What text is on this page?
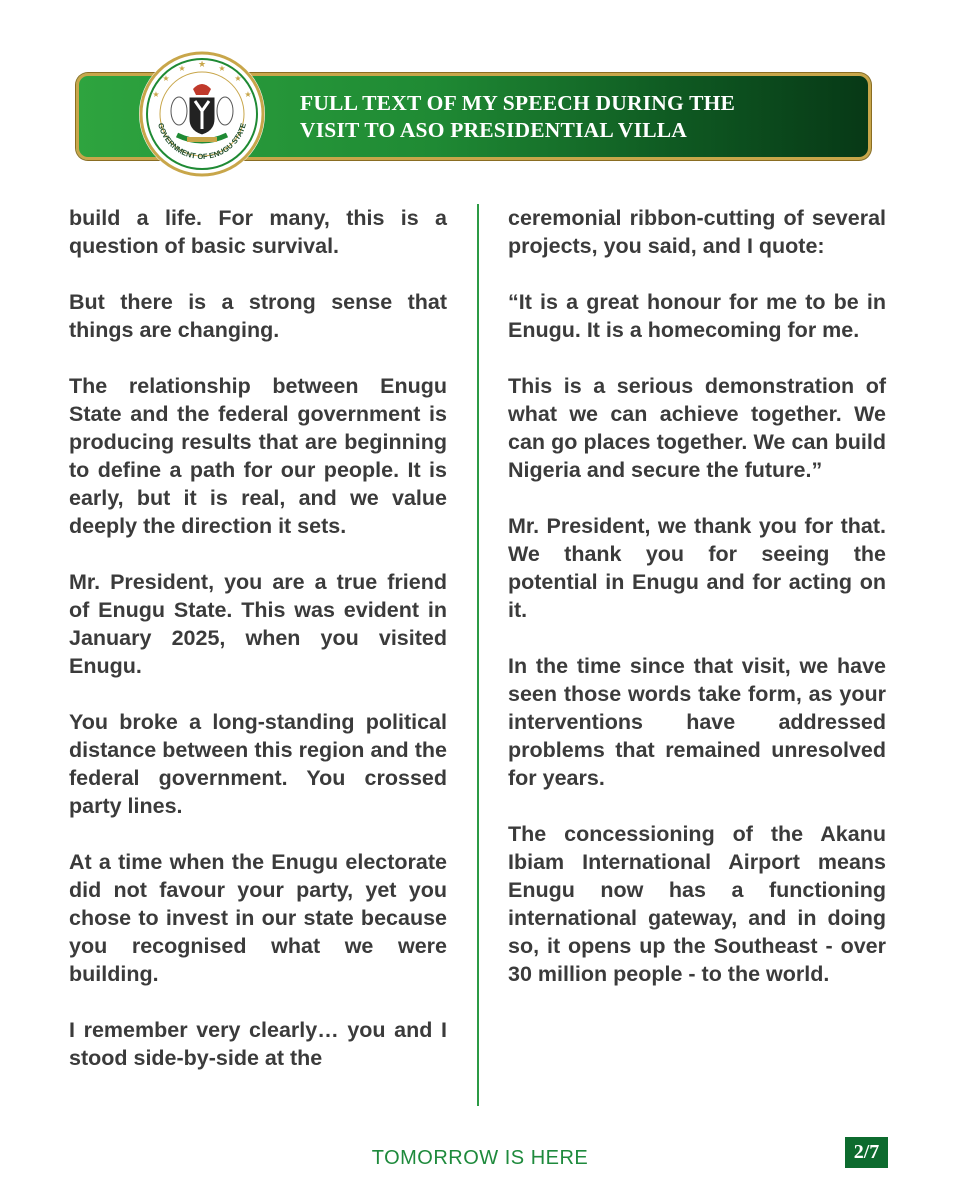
FULL TEXT OF MY SPEECH DURING THE
VISIT TO ASO PRESIDENTIAL VILLA
★
★	★
★	★
★	★
GOVERNMENT OF ENUGU STATE

build a life. For many, this is a question of basic survival.

But there is a strong sense that things are changing.

The relationship between Enugu State and the federal government is producing results that are beginning to define a path for our people. It is early, but it is real, and we value deeply the direction it sets.

Mr. President, you are a true friend of Enugu State. This was evident in January 2025, when you visited Enugu.

You broke a long-standing political distance between this region and the federal government. You crossed party lines.

At a time when the Enugu electorate did not favour your party, yet you chose to invest in our state because you recognised what we were building.

I remember very clearly… you and I stood side-by-side at the

ceremonial ribbon-cutting of several projects, you said, and I quote:

“It is a great honour for me to be in Enugu. It is a homecoming for me.

This is a serious demonstration of what we can achieve together. We can go places together. We can build Nigeria and secure the future.”

Mr. President, we thank you for that. We thank you for seeing the potential in Enugu and for acting on it.

In the time since that visit, we have seen those words take form, as your interventions have addressed problems that remained unresolved for years.

The concessioning of the Akanu Ibiam International Airport means Enugu now has a functioning international gateway, and in doing so, it opens up the Southeast - over 30 million people - to the world.

TOMORROW IS HERE	2/7
